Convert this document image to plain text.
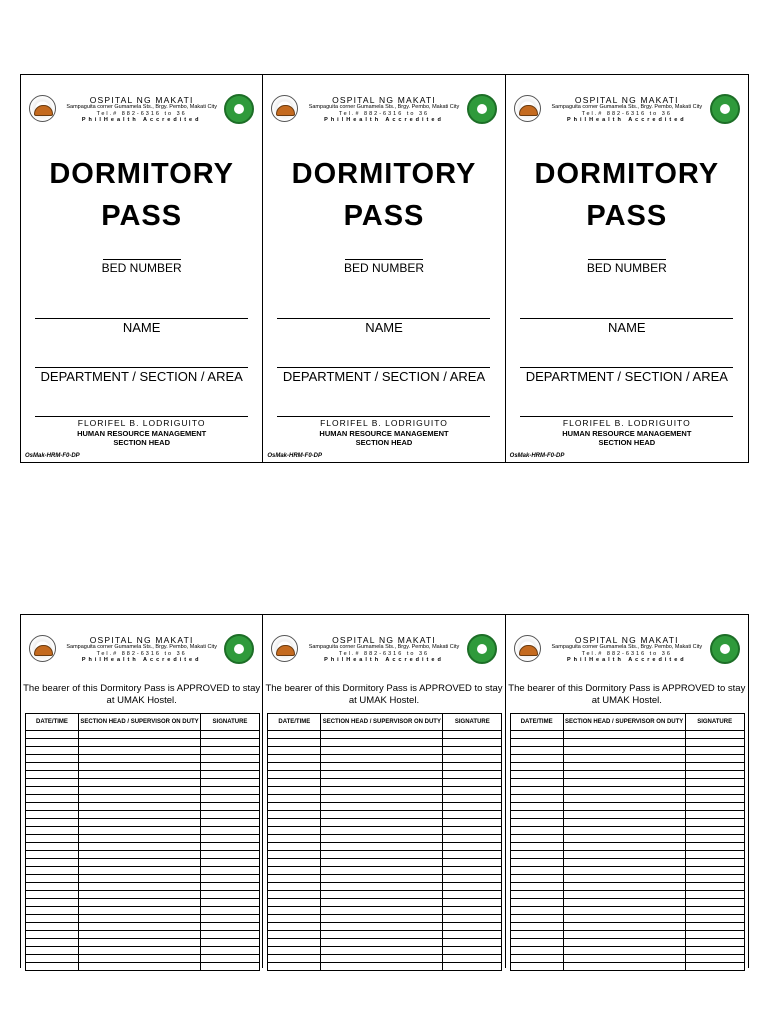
OSPITAL NG MAKATI
Sampaguita corner Gumamela Sts., Brgy. Pembo, Makati City
Tel.# 882-6316 to 36
PhilHealth Accredited
DORMITORY
PASS
BED NUMBER
NAME
DEPARTMENT / SECTION / AREA
FLORIFEL B. LODRIGUITO
HUMAN RESOURCE MANAGEMENT
SECTION HEAD
OsMak-HRM-F0-DP
OSPITAL NG MAKATI
Sampaguita corner Gumamela Sts., Brgy. Pembo, Makati City
Tel.# 882-6316 to 36
PhilHealth Accredited
DORMITORY
PASS
BED NUMBER
NAME
DEPARTMENT / SECTION / AREA
FLORIFEL B. LODRIGUITO
HUMAN RESOURCE MANAGEMENT
SECTION HEAD
OsMak-HRM-F0-DP
OSPITAL NG MAKATI
Sampaguita corner Gumamela Sts., Brgy. Pembo, Makati City
Tel.# 882-6316 to 36
PhilHealth Accredited
DORMITORY
PASS
BED NUMBER
NAME
DEPARTMENT / SECTION / AREA
FLORIFEL B. LODRIGUITO
HUMAN RESOURCE MANAGEMENT
SECTION HEAD
OsMak-HRM-F0-DP
OSPITAL NG MAKATI
Sampaguita corner Gumamela Sts., Brgy. Pembo, Makati City
Tel.# 882-6316 to 36
PhilHealth Accredited
The bearer of this Dormitory Pass is APPROVED to stay at UMAK Hostel.
DATE/TIME	SECTION HEAD / SUPERVISOR ON DUTY	SIGNATURE

OSPITAL NG MAKATI
Sampaguita corner Gumamela Sts., Brgy. Pembo, Makati City
Tel.# 882-6316 to 36
PhilHealth Accredited
The bearer of this Dormitory Pass is APPROVED to stay at UMAK Hostel.
DATE/TIME	SECTION HEAD / SUPERVISOR ON DUTY	SIGNATURE

OSPITAL NG MAKATI
Sampaguita corner Gumamela Sts., Brgy. Pembo, Makati City
Tel.# 882-6316 to 36
PhilHealth Accredited
The bearer of this Dormitory Pass is APPROVED to stay at UMAK Hostel.
DATE/TIME	SECTION HEAD / SUPERVISOR ON DUTY	SIGNATURE
